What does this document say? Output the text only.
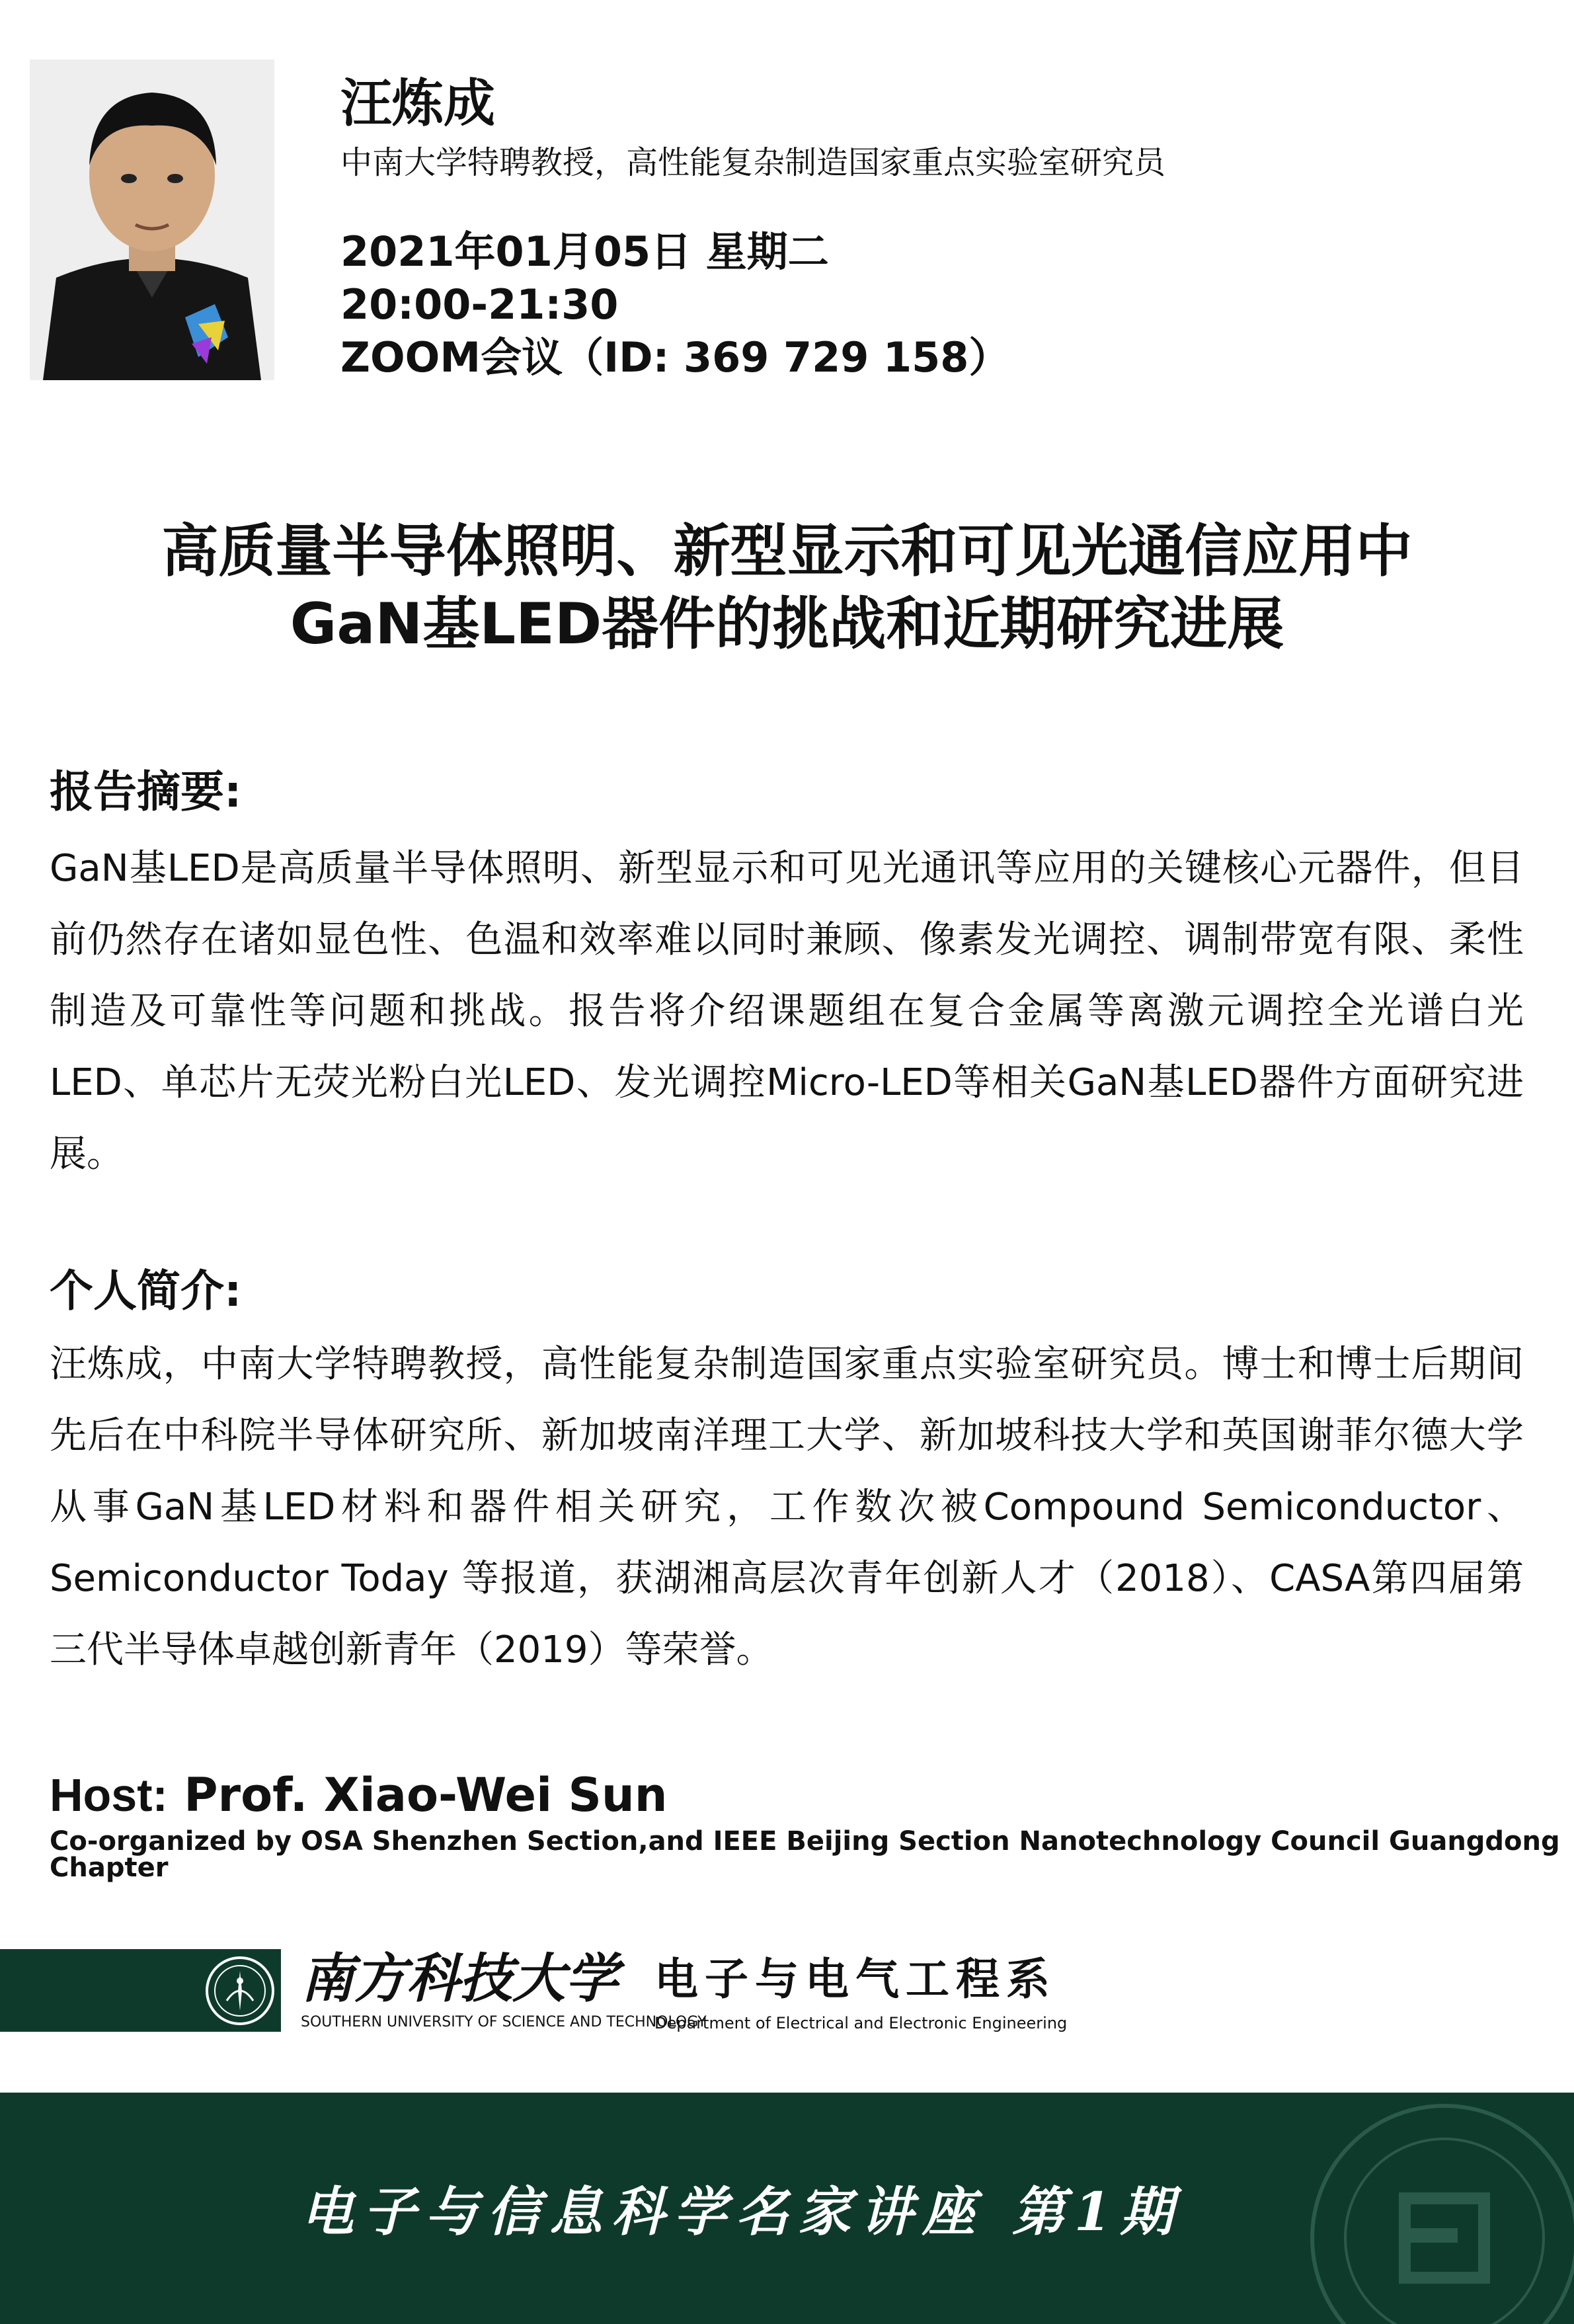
汪炼成
中南大学特聘教授，高性能复杂制造国家重点实验室研究员
2021年01月05日 星期二
20:00-21:30
ZOOM会议（ID: 369 729 158）
高质量半导体照明、新型显示和可见光通信应用中
GaN基LED器件的挑战和近期研究进展
报告摘要:
GaN基LED是高质量半导体照明、新型显示和可见光通讯等应用的关键核心元器件，但目前仍然存在诸如显色性、色温和效率难以同时兼顾、像素发光调控、调制带宽有限、柔性制造及可靠性等问题和挑战。报告将介绍课题组在复合金属等离激元调控全光谱白光LED、单芯片无荧光粉白光LED、发光调控Micro-LED等相关GaN基LED器件方面研究进展。
个人简介:
汪炼成，中南大学特聘教授，高性能复杂制造国家重点实验室研究员。博士和博士后期间先后在中科院半导体研究所、新加坡南洋理工大学、新加坡科技大学和英国谢菲尔德大学从事GaN基LED材料和器件相关研究，工作数次被Compound Semiconductor、Semiconductor Today 等报道，获湖湘高层次青年创新人才（2018）、CASA第四届第三代半导体卓越创新青年（2019）等荣誉。
Host: Prof. Xiao-Wei Sun
Co-organized by OSA Shenzhen Section,and IEEE Beijing Section Nanotechnology Council Guangdong Chapter
南方科技大学
SOUTHERN UNIVERSITY OF SCIENCE AND TECHNOLOGY
电子与电气工程系
Department of Electrical and Electronic Engineering
电子与信息科学名家讲座 第1期
